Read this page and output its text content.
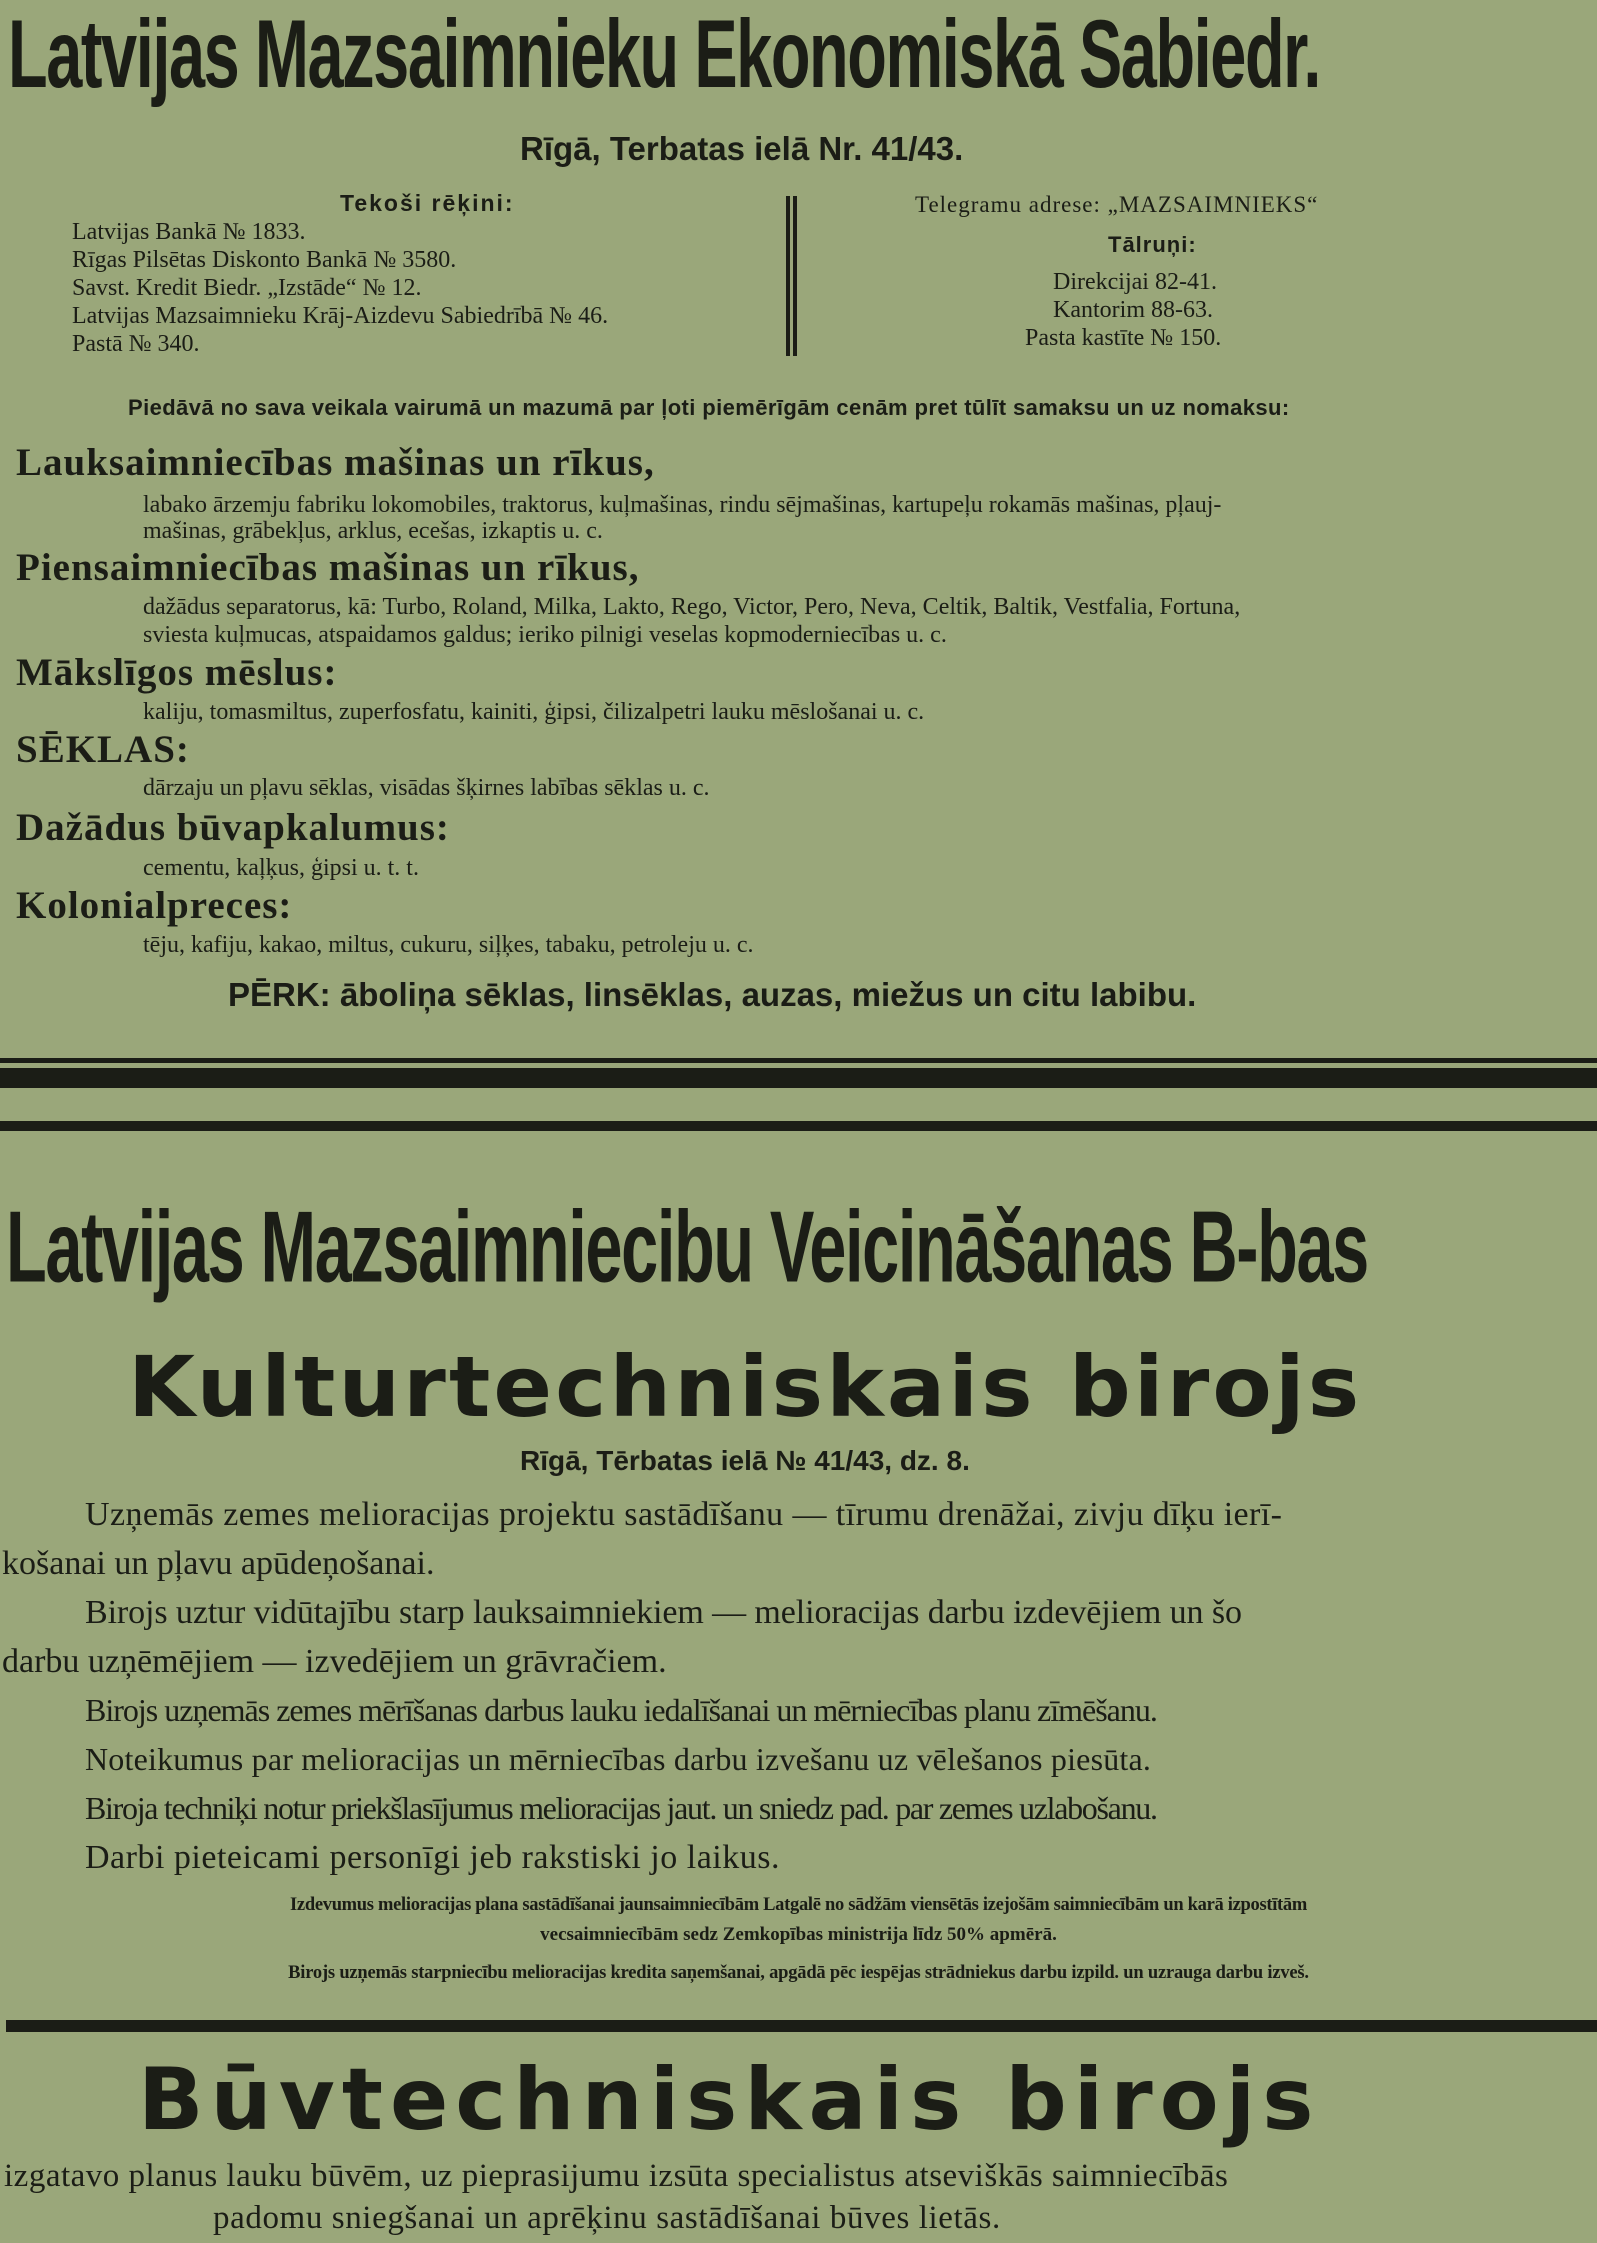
Latvijas Mazsaimnieku Ekonomiskā Sabiedr.
Rīgā, Terbatas ielā Nr. 41/43.
Tekoši rēķini:
Latvijas Bankā № 1833.
Rīgas Pilsētas Diskonto Bankā № 3580.
Savst. Kredit Biedr. „Izstāde“ № 12.
Latvijas Mazsaimnieku Krāj-Aizdevu Sabiedrībā № 46.
Pastā № 340.
Telegramu adrese: „MAZSAIMNIEKS“
Tālruņi:
Direkcijai 82-41.
Kantorim 88-63.
Pasta kastīte № 150.
Piedāvā no sava veikala vairumā un mazumā par ļoti piemērīgām cenām pret tūlīt samaksu un uz nomaksu:
Lauksaimniecības mašinas un rīkus,
labako ārzemju fabriku lokomobiles, traktorus, kuļmašinas, rindu sējmašinas, kartupeļu rokamās mašinas, pļauj-
mašinas, grābekļus, arklus, ecešas, izkaptis u. c.
Piensaimniecības mašinas un rīkus,
dažādus separatorus, kā: Turbo, Roland, Milka, Lakto, Rego, Victor, Pero, Neva, Celtik, Baltik, Vestfalia, Fortuna,
sviesta kuļmucas, atspaidamos galdus; ieriko pilnigi veselas kopmoderniecības u. c.
Mākslīgos mēslus:
kaliju, tomasmiltus, zuperfosfatu, kainiti, ģipsi, čilizalpetri lauku mēslošanai u. c.
SĒKLAS:
dārzaju un pļavu sēklas, visādas šķirnes labības sēklas u. c.
Dažādus būvapkalumus:
cementu, kaļķus, ģipsi u. t. t.
Kolonialpreces:
tēju, kafiju, kakao, miltus, cukuru, siļķes, tabaku, petroleju u. c.
PĒRK: āboliņa sēklas, linsēklas, auzas, miežus un citu labibu.
Latvijas Mazsaimniecibu Veicināšanas B-bas
Kulturtechniskais birojs
Rīgā, Tērbatas ielā № 41/43, dz. 8.
Uzņemās zemes melioracijas projektu sastādīšanu — tīrumu drenāžai, zivju dīķu ierī-
košanai un pļavu apūdeņošanai.
Birojs uztur vidūtajību starp lauksaimniekiem — melioracijas darbu izdevējiem un šo
darbu uzņēmējiem — izvedējiem un grāvračiem.
Birojs uzņemās zemes mērīšanas darbus lauku iedalīšanai un mērniecības planu zīmēšanu.
Noteikumus par melioracijas un mērniecības darbu izvešanu uz vēlešanos piesūta.
Biroja techniķi notur priekšlasījumus melioracijas jaut. un sniedz pad. par zemes uzlabošanu.
Darbi pieteicami personīgi jeb rakstiski jo laikus.
Izdevumus melioracijas plana sastādīšanai jaunsaimniecībām Latgalē no sādžām viensētās izejošām saimniecībām un karā izpostītām
vecsaimniecībām sedz Zemkopības ministrija līdz 50% apmērā.
Birojs uzņemās starpniecību melioracijas kredita saņemšanai, apgādā pēc iespējas strādniekus darbu izpild. un uzrauga darbu izveš.
Būvtechniskais birojs
izgatavo planus lauku būvēm, uz pieprasijumu izsūta specialistus atseviškās saimniecībās
padomu sniegšanai un aprēķinu sastādīšanai būves lietās.
